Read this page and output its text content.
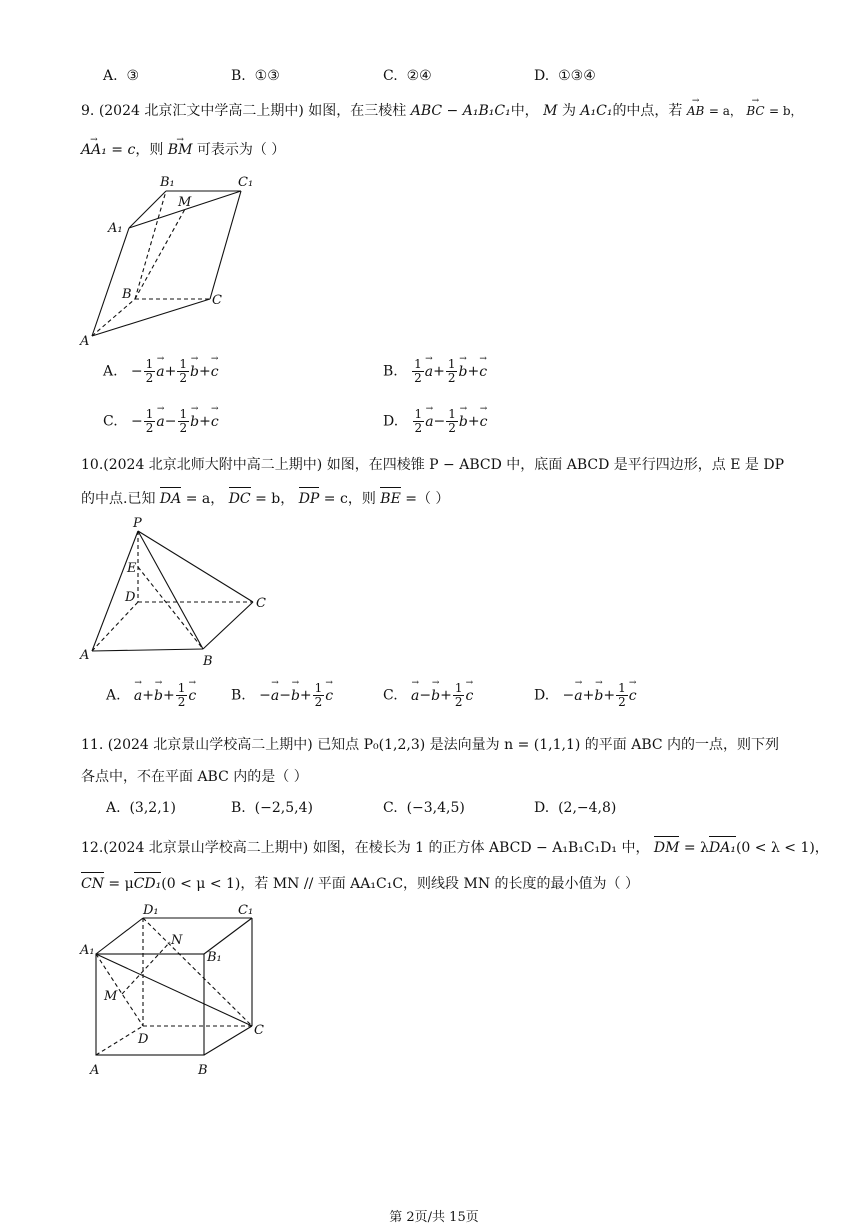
A. ③	B. ①③	C. ②④	D. ①③④
9. (2024 北京汇文中学高二上期中) 如图，在三棱柱 ABC − A₁B₁C₁中， M 为 A₁C₁的中点，若 → AB = a， → BC = b，
→ AA₁ = c，则 → BM 可表示为（ ）
B₁	C₁
M
A₁
B	C
A
A.   − $\frac{1}{2}$
→ $a+ \frac{1}{2}$
→ b+→ c	B. $\frac{1}{2}$
→ $a+ \frac{1}{2}$
→ b+→ c
C.   − $\frac{1}{2}$
→ $a- \frac{1}{2}$
→ b+→ c	D. $\frac{1}{2}$
→ $a- \frac{1}{2}$
→ b+→ c
10.(2024 北京北师大附中高二上期中) 如图，在四棱锥 P − ABCD 中，底面 ABCD 是平行四边形，点 E 是 DP
的中点.已知 DA = a， DC = b， DP = c，则 BE =（ ）
P
E
D	C
A	B
A.   → $a+\to b+ \frac{1}{2}$
→ c B.   −→ $a-\to b+ \frac{1}{2}$
→ c	C.   → $a-\to b+ \frac{1}{2}$
→ c	D.   −→ $a+\to b+ \frac{1}{2}$
→ c
11. (2024 北京景山学校高二上期中) 已知点 P₀(1,2,3) 是法向量为 n = (1,1,1) 的平面 ABC 内的一点，则下列
各点中，不在平面 ABC 内的是（ ）
A. (3,2,1)	B. (−2,5,4)	C. (−3,4,5)	D. (2,−4,8)
12.(2024 北京景山学校高二上期中) 如图，在棱长为 1 的正方体 ABCD − A₁B₁C₁D₁ 中， DM = λDA₁(0 < λ < 1)，
CN = μCD₁(0 < μ < 1)，若 MN // 平面 AA₁C₁C，则线段 MN 的长度的最小值为（ ）
D₁	C₁
A₁
N
B₁
M
D
C
A	B
第 2页/共 15页
